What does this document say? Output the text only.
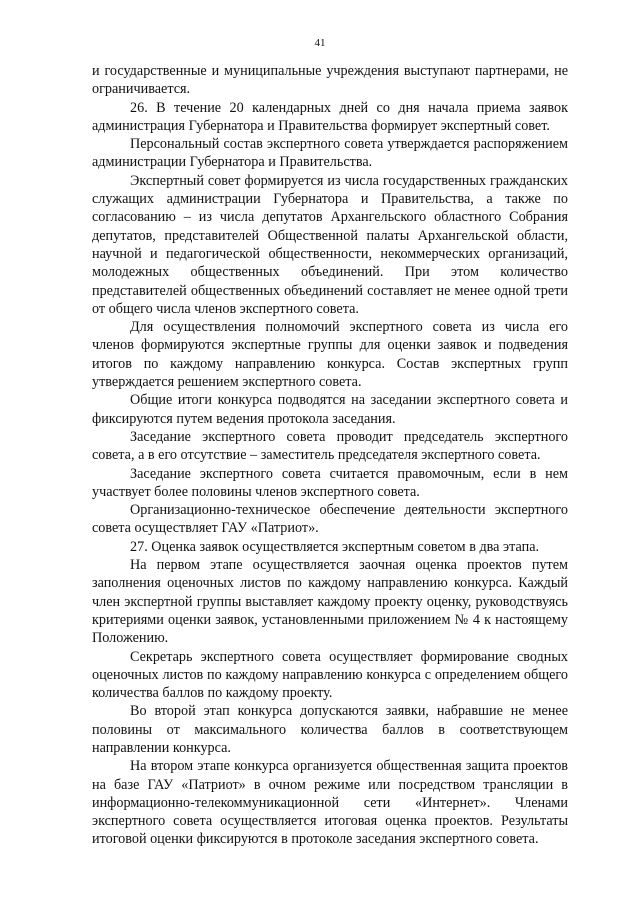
41

и государственные и муниципальные учреждения выступают партнерами, не ограничивается.

26. В течение 20 календарных дней со дня начала приема заявок администрация Губернатора и Правительства формирует экспертный совет.

Персональный состав экспертного совета утверждается распоряжением администрации Губернатора и Правительства.

Экспертный совет формируется из числа государственных гражданских служащих администрации Губернатора и Правительства, а также по согласованию – из числа депутатов Архангельского областного Собрания депутатов, представителей Общественной палаты Архангельской области, научной и педагогической общественности, некоммерческих организаций, молодежных общественных объединений. При этом количество представителей общественных объединений составляет не менее одной трети от общего числа членов экспертного совета.

Для осуществления полномочий экспертного совета из числа его членов формируются экспертные группы для оценки заявок и подведения итогов по каждому направлению конкурса. Состав экспертных групп утверждается решением экспертного совета.

Общие итоги конкурса подводятся на заседании экспертного совета и фиксируются путем ведения протокола заседания.

Заседание экспертного совета проводит председатель экспертного совета, а в его отсутствие – заместитель председателя экспертного совета.

Заседание экспертного совета считается правомочным, если в нем участвует более половины членов экспертного совета.

Организационно-техническое обеспечение деятельности экспертного совета осуществляет ГАУ «Патриот».

27. Оценка заявок осуществляется экспертным советом в два этапа.

На первом этапе осуществляется заочная оценка проектов путем заполнения оценочных листов по каждому направлению конкурса. Каждый член экспертной группы выставляет каждому проекту оценку, руководствуясь критериями оценки заявок, установленными приложением № 4 к настоящему Положению.

Секретарь экспертного совета осуществляет формирование сводных оценочных листов по каждому направлению конкурса с определением общего количества баллов по каждому проекту.

Во второй этап конкурса допускаются заявки, набравшие не менее половины от максимального количества баллов в соответствующем направлении конкурса.

На втором этапе конкурса организуется общественная защита проектов на базе ГАУ «Патриот» в очном режиме или посредством трансляции в информационно-телекоммуникационной сети «Интернет». Членами экспертного совета осуществляется итоговая оценка проектов. Результаты итоговой оценки фиксируются в протоколе заседания экспертного совета.
